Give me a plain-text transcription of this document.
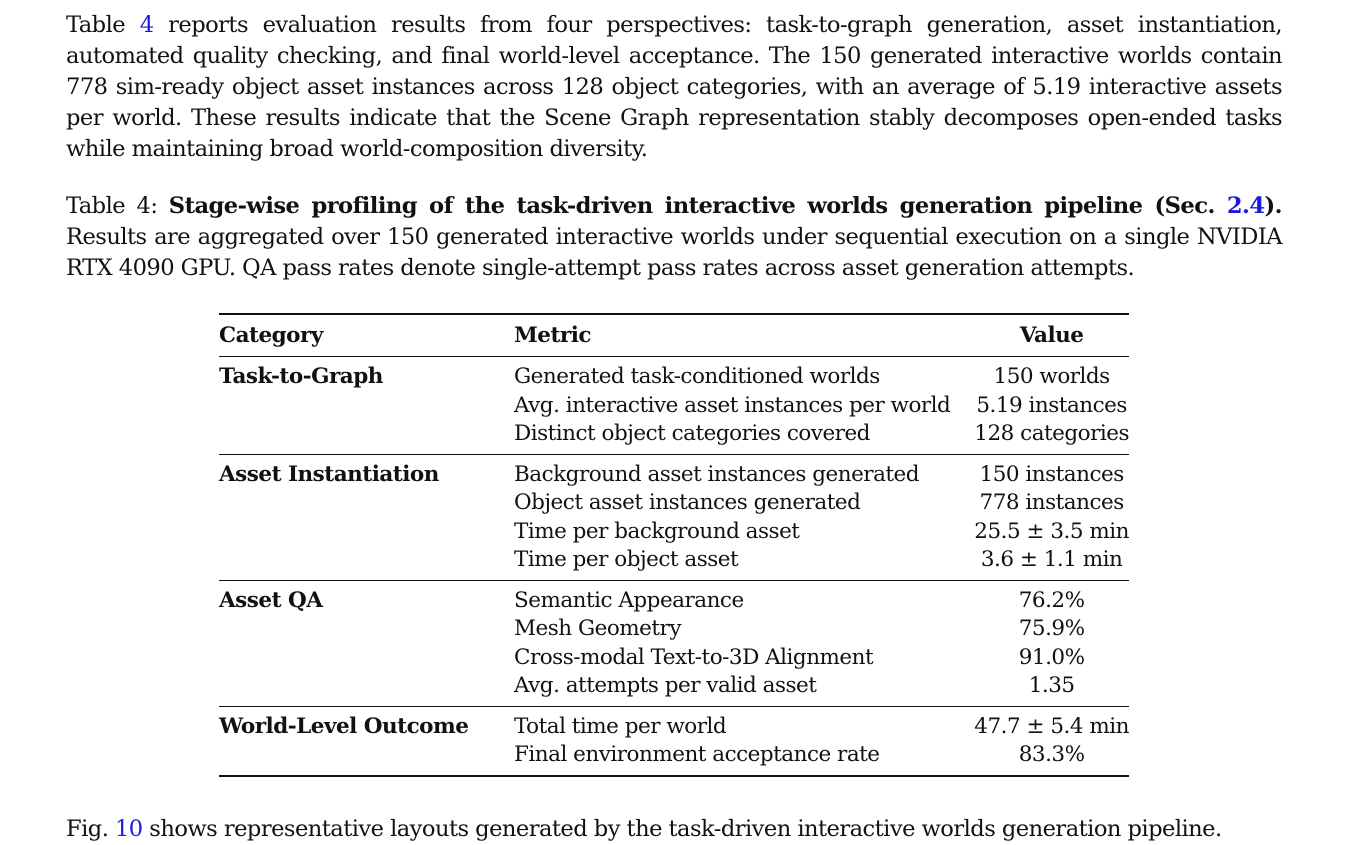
Table 4 reports evaluation results from four perspectives: task-to-graph generation, asset instantiation, automated quality checking, and final world-level acceptance. The 150 generated interactive worlds contain 778 sim-ready object asset instances across 128 object categories, with an average of 5.19 interactive assets per world. These results indicate that the Scene Graph representation stably decomposes open-ended tasks while maintaining broad world-composition diversity.

Table 4: Stage-wise profiling of the task-driven interactive worlds generation pipeline (Sec. 2.4). Results are aggregated over 150 generated interactive worlds under sequential execution on a single NVIDIA RTX 4090 GPU. QA pass rates denote single-attempt pass rates across asset generation attempts.

Category	Metric	Value
Task-to-Graph	Generated task-conditioned worlds	150 worlds
	Avg. interactive asset instances per world	5.19 instances
	Distinct object categories covered	128 categories
Asset Instantiation	Background asset instances generated	150 instances
	Object asset instances generated	778 instances
	Time per background asset	25.5 ± 3.5 min
	Time per object asset	3.6 ± 1.1 min
Asset QA	Semantic Appearance	76.2%
	Mesh Geometry	75.9%
	Cross-modal Text-to-3D Alignment	91.0%
	Avg. attempts per valid asset	1.35
World-Level Outcome	Total time per world	47.7 ± 5.4 min
	Final environment acceptance rate	83.3%

Fig. 10 shows representative layouts generated by the task-driven interactive worlds generation pipeline.
